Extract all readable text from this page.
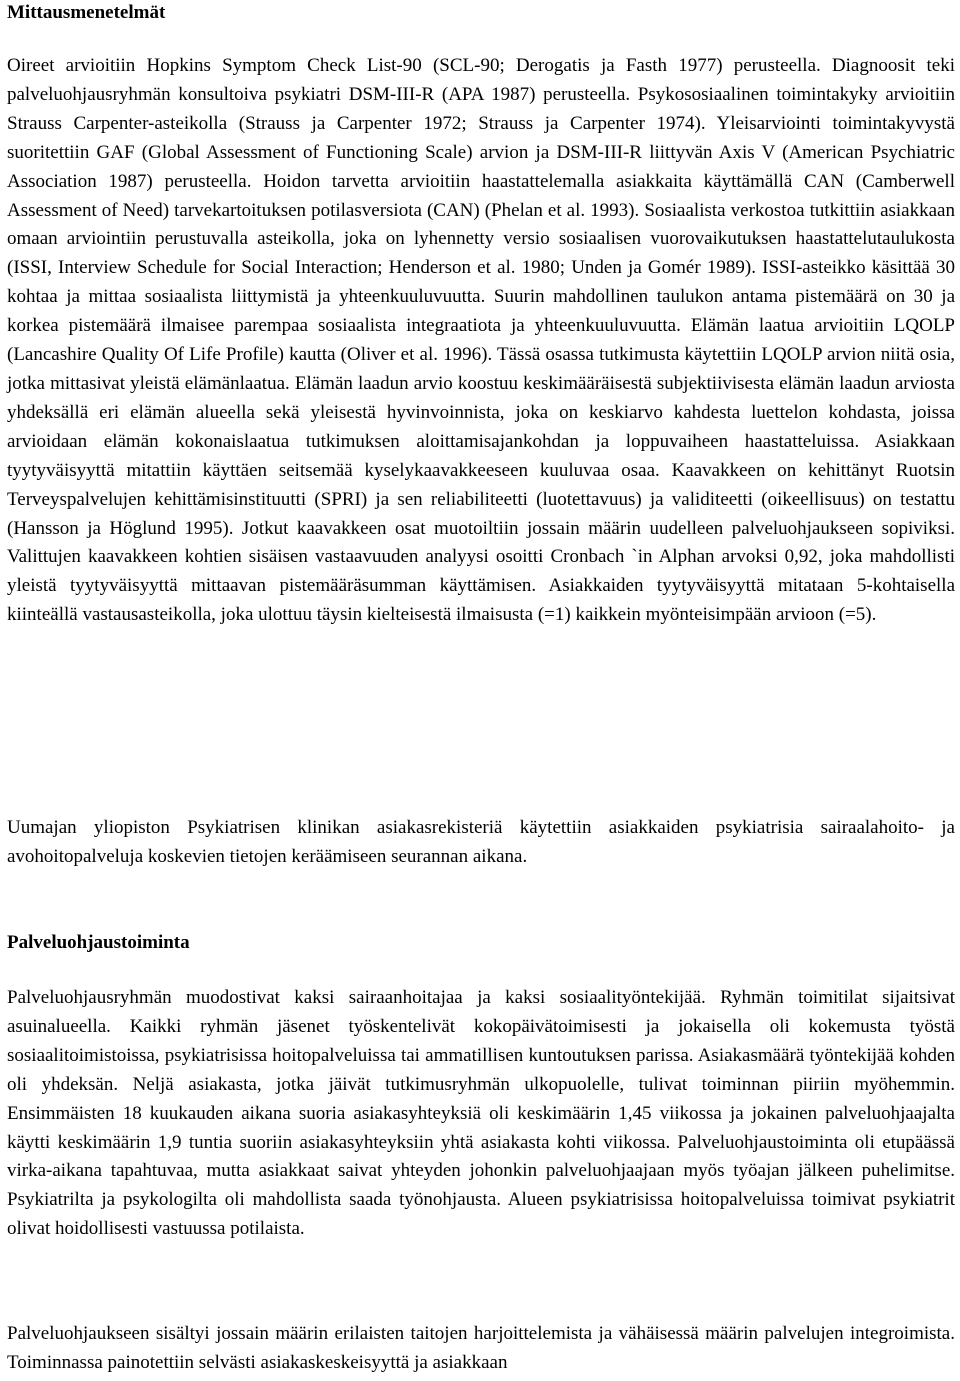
Mittausmenetelmät

Oireet arvioitiin Hopkins Symptom Check List-90 (SCL-90; Derogatis ja Fasth 1977) perusteella. Diagnoosit teki palveluohjausryhmän konsultoiva psykiatri DSM-III-R (APA 1987) perusteella. Psykososiaalinen toimintakyky arvioitiin Strauss Carpenter-asteikolla (Strauss ja Carpenter 1972; Strauss ja Carpenter 1974). Yleisarviointi toimintakyvystä suoritettiin GAF (Global Assessment of Functioning Scale) arvion ja DSM-III-R liittyvän Axis V (American Psychiatric Association 1987) perusteella. Hoidon tarvetta arvioitiin haastattelemalla asiakkaita käyttämällä CAN (Camberwell Assessment of Need) tarvekartoituksen potilasversiota (CAN) (Phelan et al. 1993). Sosiaalista verkostoa tutkittiin asiakkaan omaan arviointiin perustuvalla asteikolla, joka on lyhennetty versio sosiaalisen vuorovaikutuksen haastattelutaulukosta (ISSI, Interview Schedule for Social Interaction; Henderson et al. 1980; Unden ja Gomér 1989). ISSI-asteikko käsittää 30 kohtaa ja mittaa sosiaalista liittymistä ja yhteenkuuluvuutta. Suurin mahdollinen taulukon antama pistemäärä on 30 ja korkea pistemäärä ilmaisee parempaa sosiaalista integraatiota ja yhteenkuuluvuutta. Elämän laatua arvioitiin LQOLP (Lancashire Quality Of Life Profile) kautta (Oliver et al. 1996). Tässä osassa tutkimusta käytettiin LQOLP arvion niitä osia, jotka mittasivat yleistä elämänlaatua. Elämän laadun arvio koostuu keskimääräisestä subjektiivisesta elämän laadun arviosta yhdeksällä eri elämän alueella sekä yleisestä hyvinvoinnista, joka on keskiarvo kahdesta luettelon kohdasta, joissa arvioidaan elämän kokonaislaatua tutkimuksen aloittamisajankohdan ja loppuvaiheen haastatteluissa. Asiakkaan tyytyväisyyttä mitattiin käyttäen seitsemää kyselykaavakkeeseen kuuluvaa osaa. Kaavakkeen on kehittänyt Ruotsin Terveyspalvelujen kehittämisinstituutti (SPRI) ja sen reliabiliteetti (luotettavuus) ja validiteetti (oikeellisuus) on testattu (Hansson ja Höglund 1995). Jotkut kaavakkeen osat muotoiltiin jossain määrin uudelleen palveluohjaukseen sopiviksi. Valittujen kaavakkeen kohtien sisäisen vastaavuuden analyysi osoitti Cronbach `in Alphan arvoksi 0,92, joka mahdollisti yleistä tyytyväisyyttä mittaavan pistemääräsumman käyttämisen. Asiakkaiden tyytyväisyyttä mitataan 5-kohtaisella kiinteällä vastausasteikolla, joka ulottuu täysin kielteisestä ilmaisusta (=1) kaikkein myönteisimpään arvioon (=5).

Uumajan yliopiston Psykiatrisen klinikan asiakasrekisteriä käytettiin asiakkaiden psykiatrisia sairaalahoito- ja avohoitopalveluja koskevien tietojen keräämiseen seurannan aikana.

Palveluohjaustoiminta

Palveluohjausryhmän muodostivat kaksi sairaanhoitajaa ja kaksi sosiaalityöntekijää. Ryhmän toimitilat sijaitsivat asuinalueella. Kaikki ryhmän jäsenet työskentelivät kokopäivätoimisesti ja jokaisella oli kokemusta työstä sosiaalitoimistoissa, psykiatrisissa hoitopalveluissa tai ammatillisen kuntoutuksen parissa. Asiakasmäärä työntekijää kohden oli yhdeksän. Neljä asiakasta, jotka jäivät tutkimusryhmän ulkopuolelle, tulivat toiminnan piiriin myöhemmin. Ensimmäisten 18 kuukauden aikana suoria asiakasyhteyksiä oli keskimäärin 1,45 viikossa ja jokainen palveluohjaajalta käytti keskimäärin 1,9 tuntia suoriin asiakasyhteyksiin yhtä asiakasta kohti viikossa. Palveluohjaustoiminta oli etupäässä virka-aikana tapahtuvaa, mutta asiakkaat saivat yhteyden johonkin palveluohjaajaan myös työajan jälkeen puhelimitse. Psykiatrilta ja psykologilta oli mahdollista saada työnohjausta. Alueen psykiatrisissa hoitopalveluissa toimivat psykiatrit olivat hoidollisesti vastuussa potilaista.

Palveluohjaukseen sisältyi jossain määrin erilaisten taitojen harjoittelemista ja vähäisessä määrin palvelujen integroimista. Toiminnassa painotettiin selvästi asiakaskeskeisyyttä ja asiakkaan
